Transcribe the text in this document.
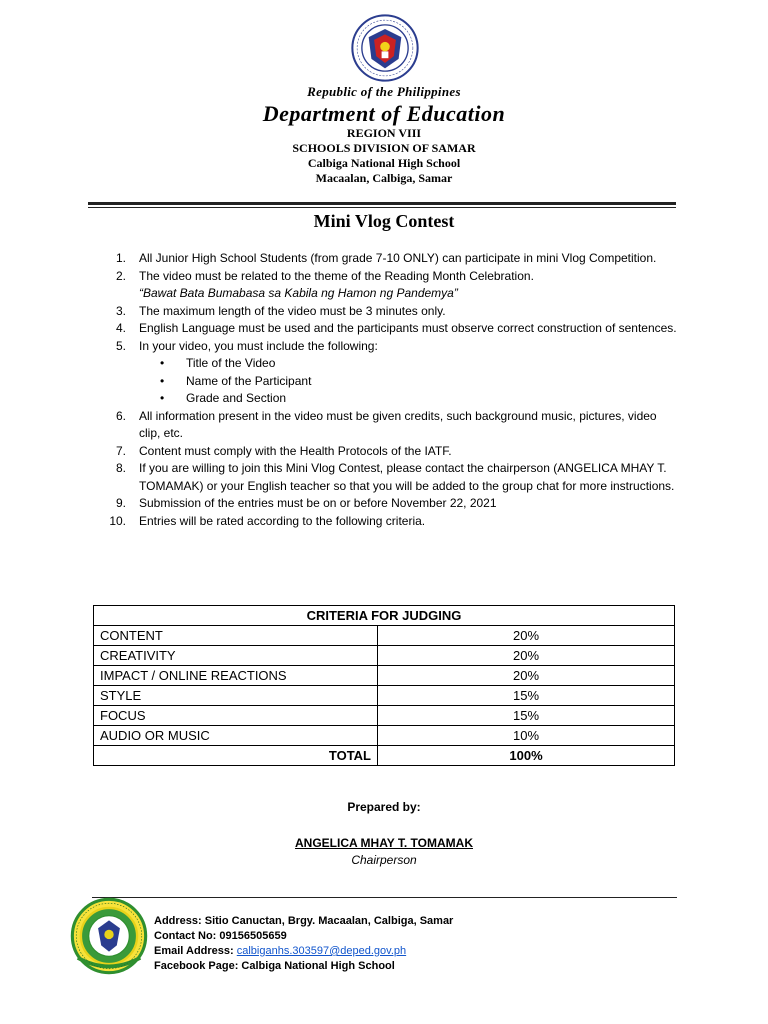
Republic of the Philippines
Department of Education
REGION VIII
SCHOOLS DIVISION OF SAMAR
Calbiga National High School
Macaalan, Calbiga, Samar
Mini Vlog Contest
1. All Junior High School Students (from grade 7-10 ONLY) can participate in mini Vlog Competition.
2. The video must be related to the theme of the Reading Month Celebration.
“Bawat Bata Bumabasa sa Kabila ng Hamon ng Pandemya”
3. The maximum length of the video must be 3 minutes only.
4. English Language must be used and the participants must observe correct construction of sentences.
5. In your video, you must include the following:
• Title of the Video
• Name of the Participant
• Grade and Section
6. All information present in the video must be given credits, such background music, pictures, video clip, etc.
7. Content must comply with the Health Protocols of the IATF.
8. If you are willing to join this Mini Vlog Contest, please contact the chairperson (ANGELICA MHAY T. TOMAMAK) or your English teacher so that you will be added to the group chat for more instructions.
9. Submission of the entries must be on or before November 22, 2021
10. Entries will be rated according to the following criteria.
CRITERIA FOR JUDGING	
CONTENT	20%
CREATIVITY	20%
IMPACT / ONLINE REACTIONS	20%
STYLE	15%
FOCUS	15%
AUDIO OR MUSIC	10%
TOTAL	100%
Prepared by:
ANGELICA MHAY T. TOMAMAK
Chairperson
Address: Sitio Canuctan, Brgy. Macaalan, Calbiga, Samar
Contact No: 09156505659
Email Address: calbiganhs.303597@deped.gov.ph
Facebook Page: Calbiga National High School
